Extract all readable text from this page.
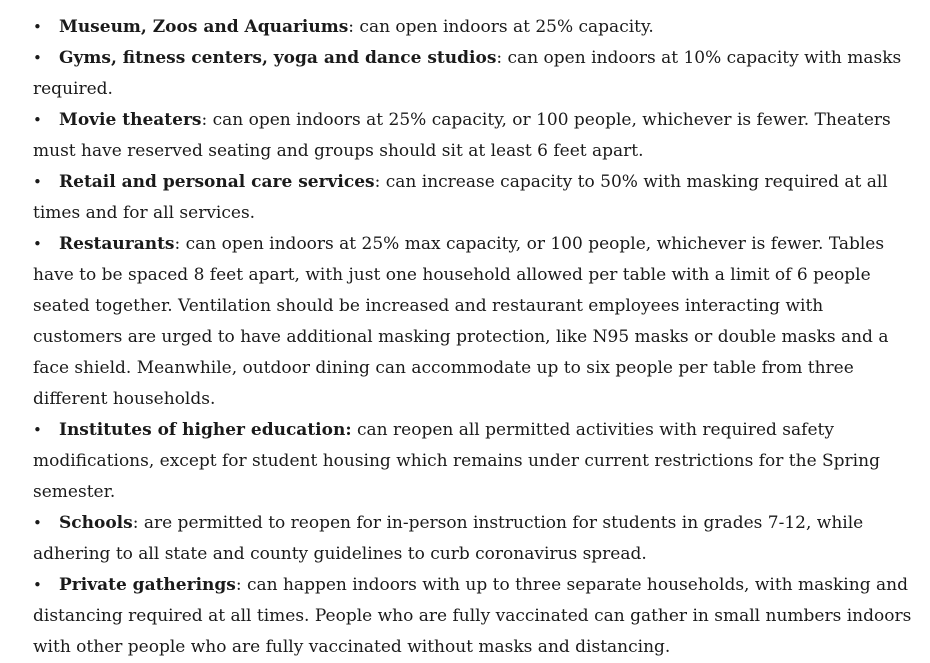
• Museum, Zoos and Aquariums: can open indoors at 25% capacity.

• Gyms, fitness centers, yoga and dance studios: can open indoors at 10% capacity with masks required.

• Movie theaters: can open indoors at 25% capacity, or 100 people, whichever is fewer. Theaters must have reserved seating and groups should sit at least 6 feet apart.

• Retail and personal care services: can increase capacity to 50% with masking required at all times and for all services.

• Restaurants: can open indoors at 25% max capacity, or 100 people, whichever is fewer. Tables have to be spaced 8 feet apart, with just one household allowed per table with a limit of 6 people seated together. Ventilation should be increased and restaurant employees interacting with customers are urged to have additional masking protection, like N95 masks or double masks and a face shield. Meanwhile, outdoor dining can accommodate up to six people per table from three different households.

• Institutes of higher education: can reopen all permitted activities with required safety modifications, except for student housing which remains under current restrictions for the Spring semester.

• Schools: are permitted to reopen for in-person instruction for students in grades 7-12, while adhering to all state and county guidelines to curb coronavirus spread.

• Private gatherings: can happen indoors with up to three separate households, with masking and distancing required at all times. People who are fully vaccinated can gather in small numbers indoors with other people who are fully vaccinated without masks and distancing.
